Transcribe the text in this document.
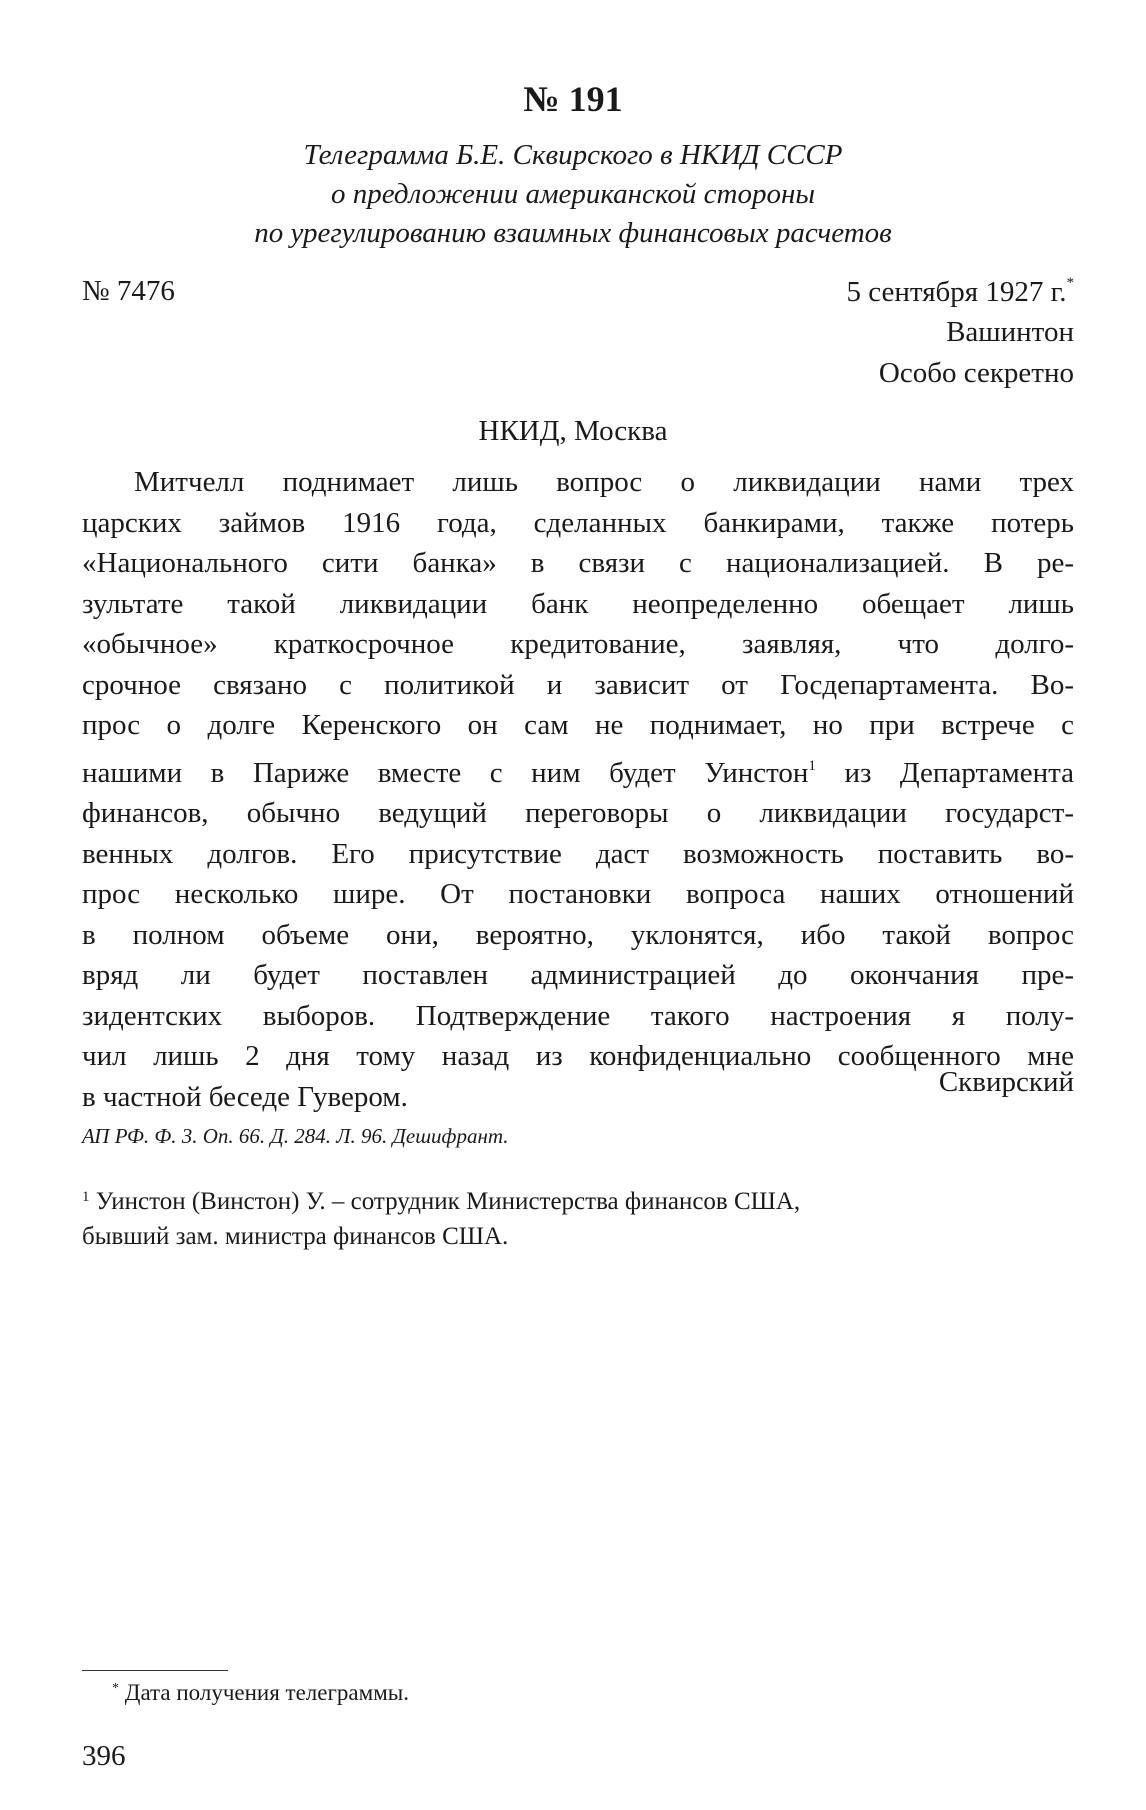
№ 191
Телеграмма Б.Е. Сквирского в НКИД СССР
о предложении американской стороны
по урегулированию взаимных финансовых расчетов
№ 7476	5 сентября 1927 г.*
Вашинтон
Особо секретно
НКИД, Москва
Митчелл поднимает лишь вопрос о ликвидации нами трех
царских займов 1916 года, сделанных банкирами, также потерь
«Национального сити банка» в связи с национализацией. В ре-
зультате такой ликвидации банк неопределенно обещает лишь
«обычное» краткосрочное кредитование, заявляя, что долго-
срочное связано с политикой и зависит от Госдепартамента. Во-
прос о долге Керенского он сам не поднимает, но при встрече с
нашими в Париже вместе с ним будет Уинстон$^1$ из Департамента
финансов, обычно ведущий переговоры о ликвидации государст-
венных долгов. Его присутствие даст возможность поставить во-
прос несколько шире. От постановки вопроса наших отношений
в полном объеме они, вероятно, уклонятся, ибо такой вопрос
вряд ли будет поставлен администрацией до окончания пре-
зидентских выборов. Подтверждение такого настроения я полу-
чил лишь 2 дня тому назад из конфиденциально сообщенного мне
в частной беседе Гувером.	Сквирский
АП РФ. Ф. 3. Оп. 66. Д. 284. Л. 96. Дешифрант.
$^1$ Уинстон (Винстон) У. – сотрудник Министерства финансов США,
бывший зам. министра финансов США.
* Дата получения телеграммы.
396
